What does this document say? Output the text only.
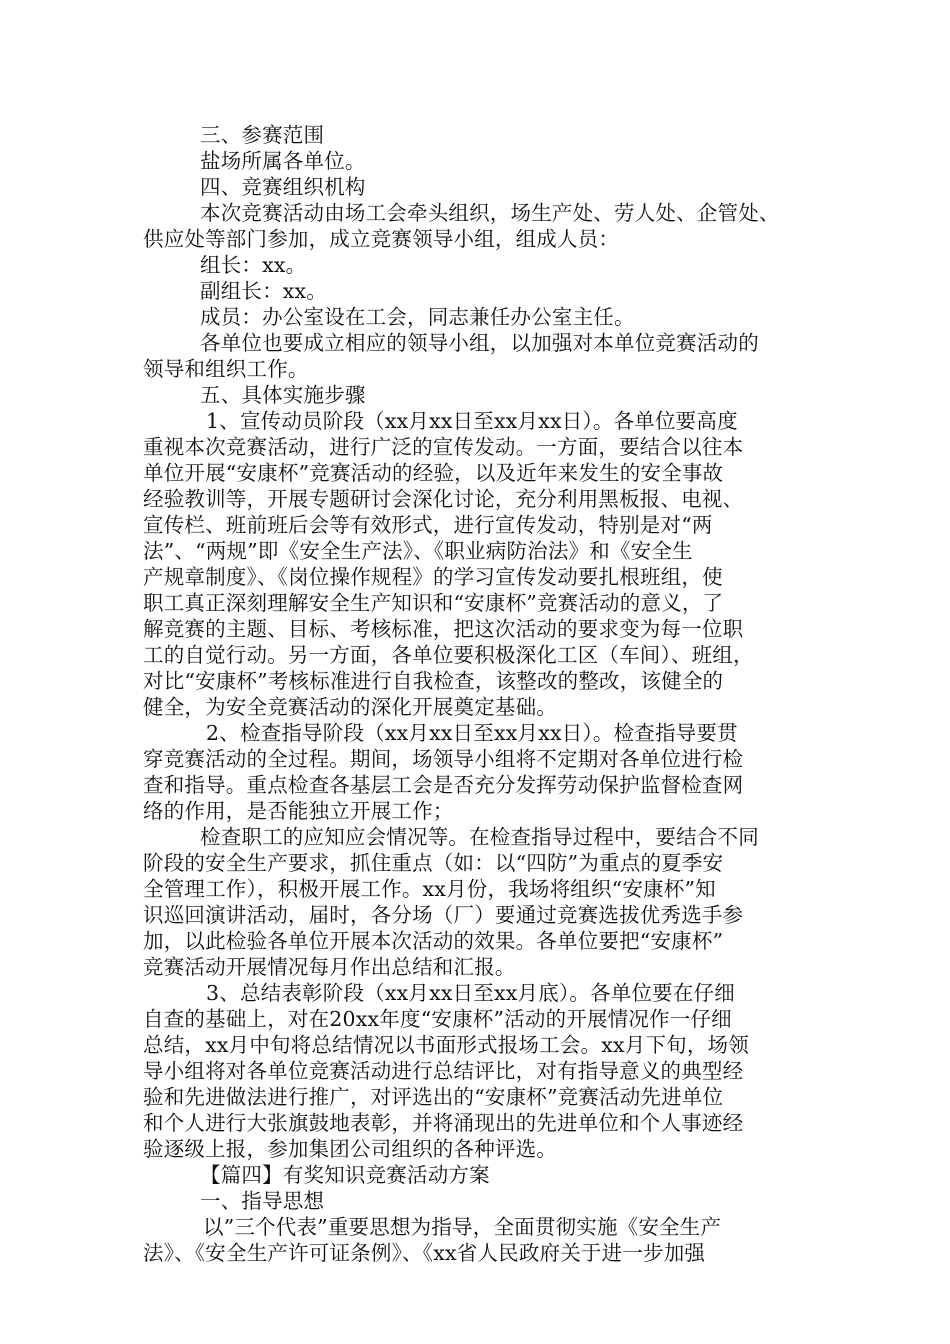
三、参赛范围
盐场所属各单位。
四、竞赛组织机构
本次竞赛活动由场工会牵头组织，场生产处、劳人处、企管处、
供应处等部门参加，成立竞赛领导小组，组成人员：
组长：xx。
副组长：xx。
成员：办公室设在工会，同志兼任办公室主任。
各单位也要成立相应的领导小组，以加强对本单位竞赛活动的
领导和组织工作。
五、具体实施步骤
1、宣传动员阶段（xx月xx日至xx月xx日）。各单位要高度
重视本次竞赛活动，进行广泛的宣传发动。一方面，要结合以往本
单位开展“安康杯”竞赛活动的经验，以及近年来发生的安全事故
经验教训等，开展专题研讨会深化讨论，充分利用黑板报、电视、
宣传栏、班前班后会等有效形式，进行宣传发动，特别是对“两
法”、“两规”即《安全生产法》、《职业病防治法》和《安全生
产规章制度》、《岗位操作规程》的学习宣传发动要扎根班组，使
职工真正深刻理解安全生产知识和“安康杯”竞赛活动的意义，了
解竞赛的主题、目标、考核标准，把这次活动的要求变为每一位职
工的自觉行动。另一方面，各单位要积极深化工区（车间）、班组，
对比“安康杯”考核标准进行自我检查，该整改的整改，该健全的
健全，为安全竞赛活动的深化开展奠定基础。
2、检查指导阶段（xx月xx日至xx月xx日）。检查指导要贯
穿竞赛活动的全过程。期间，场领导小组将不定期对各单位进行检
查和指导。重点检查各基层工会是否充分发挥劳动保护监督检查网
络的作用，是否能独立开展工作；
检查职工的应知应会情况等。在检查指导过程中，要结合不同
阶段的安全生产要求，抓住重点（如：以“四防”为重点的夏季安
全管理工作），积极开展工作。xx月份，我场将组织“安康杯”知
识巡回演讲活动，届时，各分场（厂）要通过竞赛选拔优秀选手参
加，以此检验各单位开展本次活动的效果。各单位要把“安康杯”
竞赛活动开展情况每月作出总结和汇报。
3、总结表彰阶段（xx月xx日至xx月底）。各单位要在仔细
自查的基础上，对在20xx年度“安康杯”活动的开展情况作一仔细
总结，xx月中旬将总结情况以书面形式报场工会。xx月下旬，场领
导小组将对各单位竞赛活动进行总结评比，对有指导意义的典型经
验和先进做法进行推广，对评选出的“安康杯”竞赛活动先进单位
和个人进行大张旗鼓地表彰，并将涌现出的先进单位和个人事迹经
验逐级上报，参加集团公司组织的各种评选。
【篇四】有奖知识竞赛活动方案
一、指导思想
以”三个代表”重要思想为指导，全面贯彻实施《安全生产
法》、《安全生产许可证条例》、《xx省人民政府关于进一步加强
